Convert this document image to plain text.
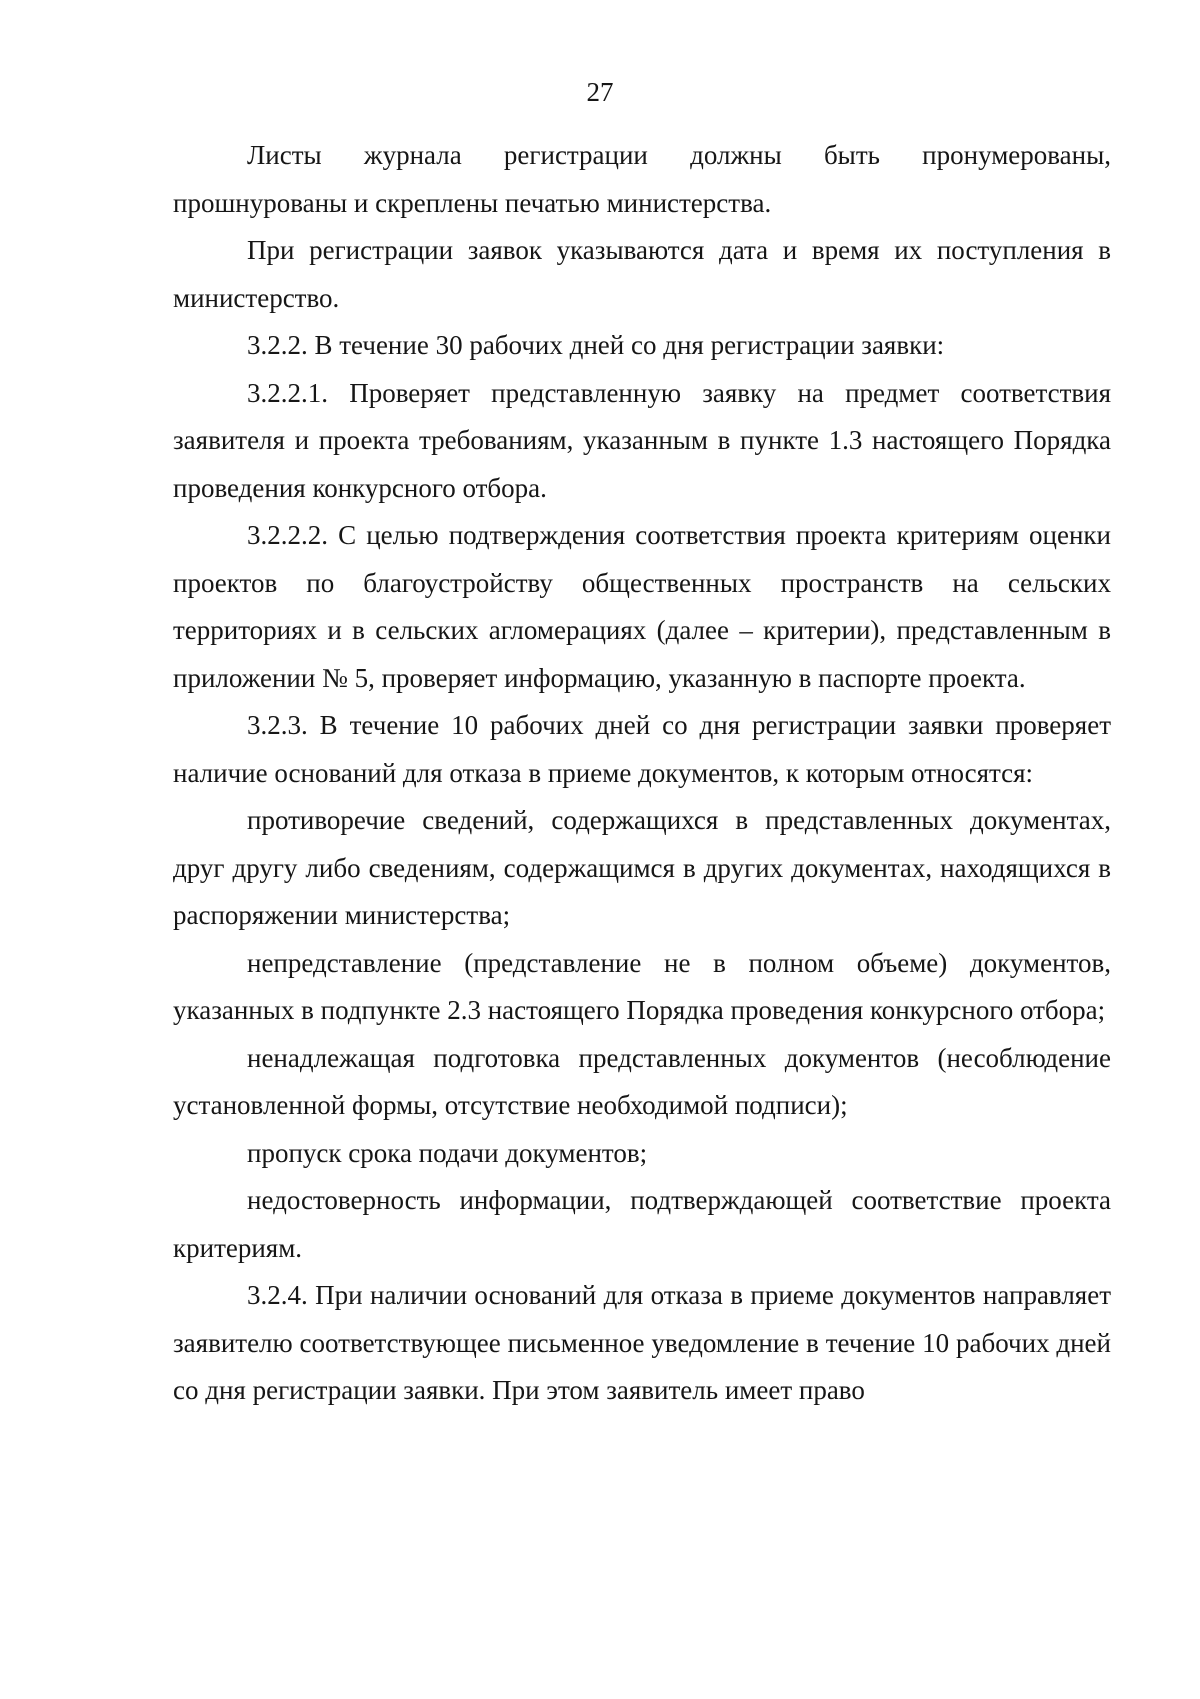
27

Листы журнала регистрации должны быть пронумерованы, прошнурованы и скреплены печатью министерства.

При регистрации заявок указываются дата и время их поступления в министерство.

3.2.2. В течение 30 рабочих дней со дня регистрации заявки:

3.2.2.1. Проверяет представленную заявку на предмет соответствия заявителя и проекта требованиям, указанным в пункте 1.3 настоящего Порядка проведения конкурсного отбора.

3.2.2.2. С целью подтверждения соответствия проекта критериям оценки проектов по благоустройству общественных пространств на сельских территориях и в сельских агломерациях (далее – критерии), представленным в приложении № 5, проверяет информацию, указанную в паспорте проекта.

3.2.3. В течение 10 рабочих дней со дня регистрации заявки проверяет наличие оснований для отказа в приеме документов, к которым относятся:

противоречие сведений, содержащихся в представленных документах, друг другу либо сведениям, содержащимся в других документах, находящихся в распоряжении министерства;

непредставление (представление не в полном объеме) документов, указанных в подпункте 2.3 настоящего Порядка проведения конкурсного отбора;

ненадлежащая подготовка представленных документов (несоблюдение установленной формы, отсутствие необходимой подписи);

пропуск срока подачи документов;

недостоверность информации, подтверждающей соответствие проекта критериям.

3.2.4. При наличии оснований для отказа в приеме документов направляет заявителю соответствующее письменное уведомление в течение 10 рабочих дней со дня регистрации заявки. При этом заявитель имеет право
